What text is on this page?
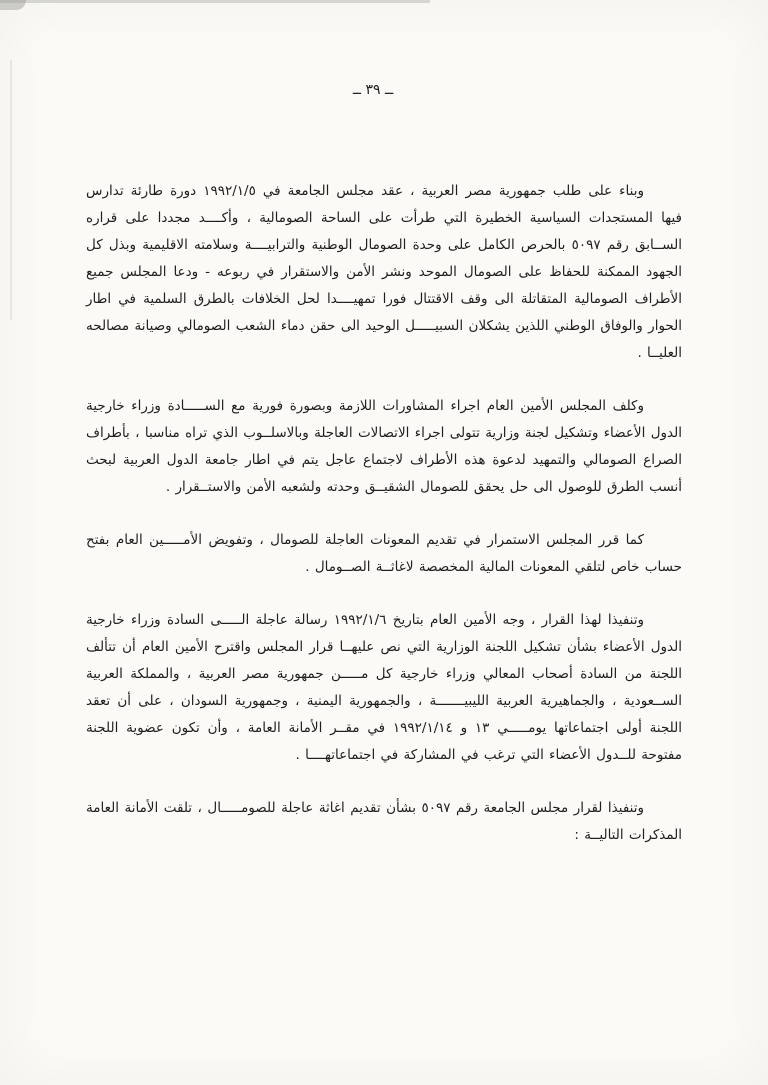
ــ ٣٩ ــ

وبناء على طلب جمهورية مصر العربية ، عقد مجلس الجامعة في ١٩٩٢/١/٥ دورة طارئة تدارس فيها المستجدات السياسية الخطيرة التي طرأت على الساحة الصومالية ، وأكــــد مجددا على قراره الســابق رقم ٥٠٩٧ بالحرص الكامل على وحدة الصومال الوطنية والترابيــــة وسلامته الاقليمية وبذل كل الجهود الممكنة للحفاظ على الصومال الموحد ونشر الأمن والاستقرار في ربوعه - ودعا المجلس جميع الأطراف الصومالية المتقاتلة الى وقف الاقتتال فورا تمهيــــدا لحل الخلافات بالطرق السلمية في اطار الحوار والوفاق الوطني اللذين يشكلان السبيـــــل الوحيد الى حقن دماء الشعب الصومالي وصيانة مصالحه العليــا .

وكلف المجلس الأمين العام اجراء المشاورات اللازمة وبصورة فورية مع الســـــادة وزراء خارجية الدول الأعضاء وتشكيل لجنة وزارية تتولى اجراء الاتصالات العاجلة وبالاسلــوب الذي تراه مناسبا ، بأطراف الصراع الصومالي والتمهيد لدعوة هذه الأطراف لاجتماع عاجل يتم في اطار جامعة الدول العربية لبحث أنسب الطرق للوصول الى حل يحقق للصومال الشقيــق وحدته ولشعبه الأمن والاستــقرار .

كما قرر المجلس الاستمرار في تقديم المعونات العاجلة للصومال ، وتفويض الأمـــــين العام بفتح حساب خاص لتلقي المعونات المالية المخصصة لاغاثــة الصــومال .

وتنفيذا لهذا القرار ، وجه الأمين العام بتاريخ ١٩٩٢/١/٦ رسالة عاجلة الـــــى السادة وزراء خارجية الدول الأعضاء بشأن تشكيل اللجنة الوزارية التي نص عليهــا قرار المجلس واقترح الأمين العام أن تتألف اللجنة من السادة أصحاب المعالي وزراء خارجية كل مـــــن جمهورية مصر العربية ، والمملكة العربية الســعودية ، والجماهيرية العربية الليبيـــــــة ، والجمهورية اليمنية ، وجمهورية السودان ، على أن تعقد اللجنة أولى اجتماعاتها يومـــــي ١٣ و ١٩٩٢/١/١٤ في مقــر الأمانة العامة ، وأن تكون عضوية اللجنة مفتوحة للــدول الأعضاء التي ترغب في المشاركة في اجتماعاتهــــا .

وتنفيذا لقرار مجلس الجامعة رقم ٥٠٩٧ بشأن تقديم اغاثة عاجلة للصومـــــال ، تلقت الأمانة العامة المذكرات التاليــة :
